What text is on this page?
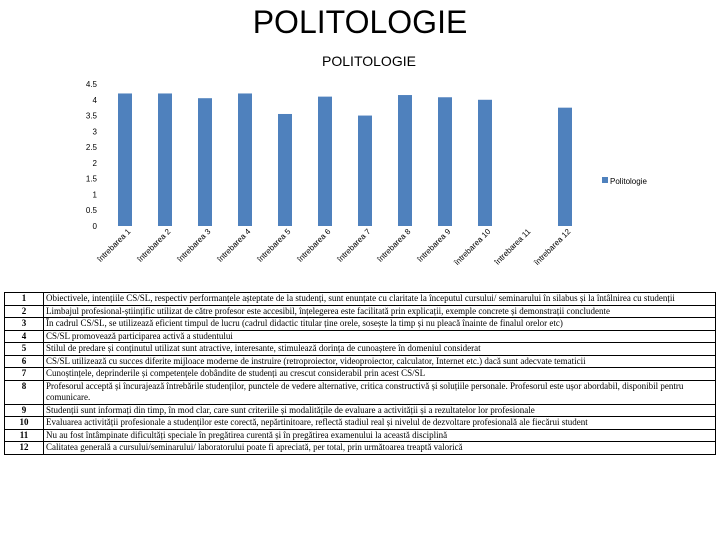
POLITOLOGIE
POLITOLOGIE
0
0.5
1
1.5
2
2.5
3
3.5
4
4.5
întrebarea 1 întrebarea 2 întrebarea 3 întrebarea 4 întrebarea 5 întrebarea 6 întrebarea 7 întrebarea 8 întrebarea 9 întrebarea 10 întrebarea 11 întrebarea 12
Politologie
1	Obiectivele, intențiile CS/SL, respectiv performanțele așteptate de la studenți, sunt enunțate cu claritate la începutul cursului/ seminarului în silabus și la întâlnirea cu studenții
2	Limbajul profesional-științific utilizat de către profesor este accesibil, înțelegerea este facilitată prin explicații, exemple concrete și demonstrații concludente
3	În cadrul CS/SL, se utilizează eficient timpul de lucru (cadrul didactic titular ține orele, sosește la timp și nu pleacă înainte de finalul orelor etc)
4	CS/SL promovează participarea activă a studentului
5	Stilul de predare și conținutul utilizat sunt atractive, interesante, stimulează dorința de cunoaștere în domeniul considerat
6	CS/SL utilizează cu succes diferite mijloace moderne de instruire (retroproiector, videoproiector, calculator, Internet etc.) dacă sunt adecvate tematicii
7	Cunoștințele, deprinderile și competențele dobândite de studenți au crescut considerabil prin acest CS/SL
8	Profesorul acceptă și încurajează întrebările studenților, punctele de vedere alternative, critica constructivă și soluțiile personale. Profesorul este ușor abordabil, disponibil pentru comunicare.
9	Studenții sunt informați din timp, în mod clar, care sunt criteriile și modalitățile de evaluare a activității și a rezultatelor lor profesionale
10	Evaluarea activității profesionale a studenților este corectă, nepărtinitoare, reflectă stadiul real și nivelul de dezvoltare profesională ale fiecărui student
11	Nu au fost întâmpinate dificultăți speciale în pregătirea curentă și în pregătirea examenului la această disciplină
12	Calitatea generală a cursului/seminarului/ laboratorului poate fi apreciată, per total, prin următoarea treaptă valorică
